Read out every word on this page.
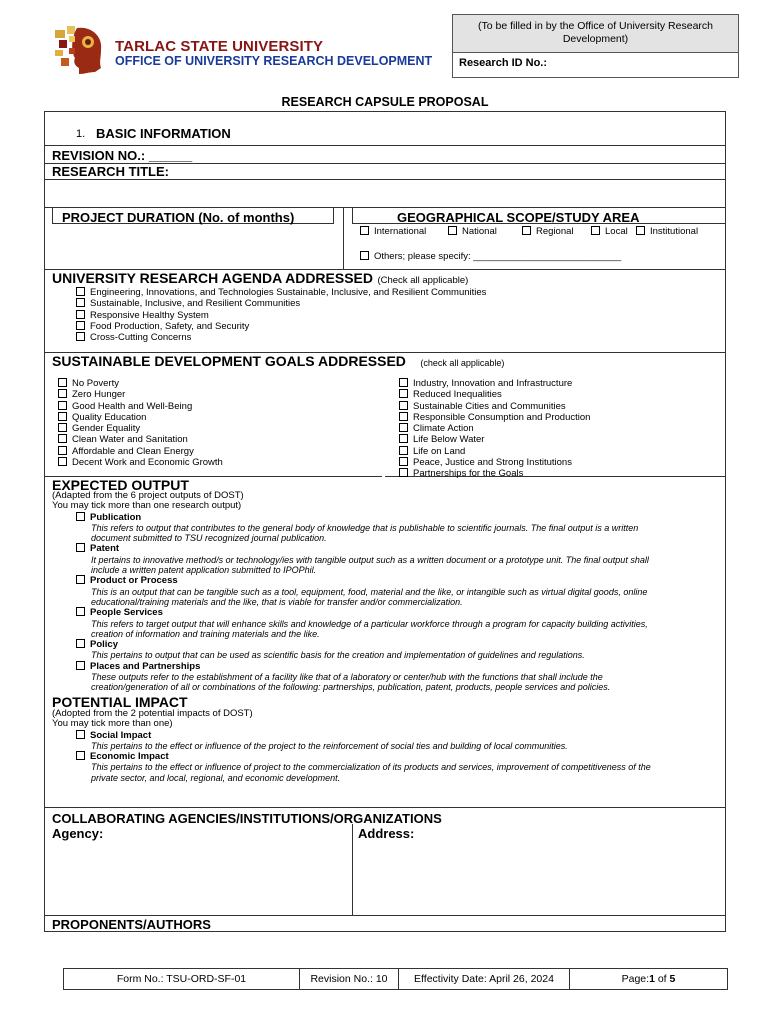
TARLAC STATE UNIVERSITY
OFFICE OF UNIVERSITY RESEARCH DEVELOPMENT
(To be filled in by the Office of University Research Development)
Research ID No.:
RESEARCH CAPSULE PROPOSAL
1. BASIC INFORMATION
REVISION NO.: ______
RESEARCH TITLE:
PROJECT DURATION (No. of months)	GEOGRAPHICAL SCOPE/STUDY AREA
International	National	Regional	Local	Institutional
Others; please specify: ____________________________
UNIVERSITY RESEARCH AGENDA ADDRESSED (Check all applicable)
Engineering, Innovations, and Technologies Sustainable, Inclusive, and Resilient Communities
Sustainable, Inclusive, and Resilient Communities
Responsive Healthy System
Food Production, Safety, and Security
Cross-Cutting Concerns
SUSTAINABLE DEVELOPMENT GOALS ADDRESSED (check all applicable)
No Poverty
Zero Hunger
Good Health and Well-Being
Quality Education
Gender Equality
Clean Water and Sanitation
Affordable and Clean Energy
Decent Work and Economic Growth
Industry, Innovation and Infrastructure
Reduced Inequalities
Sustainable Cities and Communities
Responsible Consumption and Production
Climate Action
Life Below Water
Life on Land
Peace, Justice and Strong Institutions
Partnerships for the Goals
EXPECTED OUTPUT
(Adapted from the 6 project outputs of DOST)
You may tick more than one research output)
Publication
This refers to output that contributes to the general body of knowledge that is publishable to scientific journals. The final output is a written
document submitted to TSU recognized journal publication.
Patent
It pertains to innovative method/s or technology/ies with tangible output such as a written document or a prototype unit. The final output shall
include a written patent application submitted to IPOPhil.
Product or Process
This is an output that can be tangible such as a tool, equipment, food, material and the like, or intangible such as virtual digital goods, online
educational/training materials and the like, that is viable for transfer and/or commercialization.
People Services
This refers to target output that will enhance skills and knowledge of a particular workforce through a program for capacity building activities,
creation of information and training materials and the like.
Policy
This pertains to output that can be used as scientific basis for the creation and implementation of guidelines and regulations.
Places and Partnerships
These outputs refer to the establishment of a facility like that of a laboratory or center/hub with the functions that shall include the
creation/generation of all or combinations of the following: partnerships, publication, patent, products, people services and policies.
POTENTIAL IMPACT
(Adopted from the 2 potential impacts of DOST)
You may tick more than one)
Social Impact
This pertains to the effect or influence of the project to the reinforcement of social ties and building of local communities.
Economic Impact
This pertains to the effect or influence of project to the commercialization of its products and services, improvement of competitiveness of the
private sector, and local, regional, and economic development.
COLLABORATING AGENCIES/INSTITUTIONS/ORGANIZATIONS
Agency:	Address:
PROPONENTS/AUTHORS
Form No.: TSU-ORD-SF-01	Revision No.: 10	Effectivity Date: April 26, 2024	Page: 1 of 5
